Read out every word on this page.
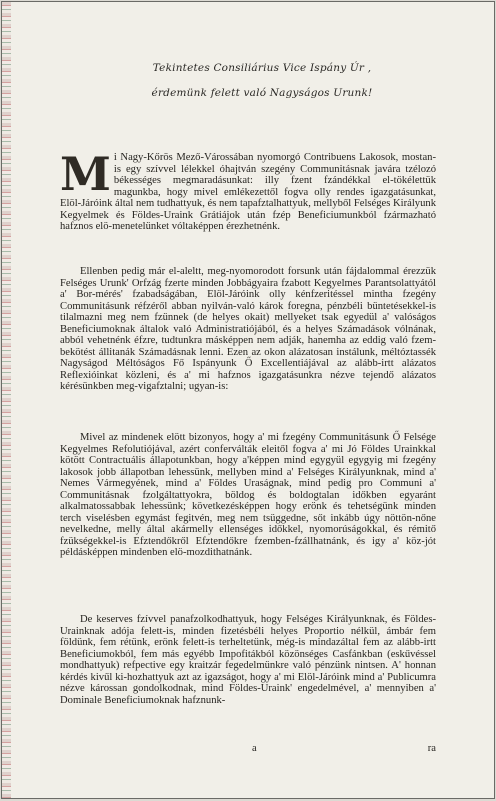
Tekintetes Consiliárius Vice Ispány Úr ,
érdemünk felett való Nagyságos Urunk!
M i Nagy-Kőrös Mező-Várossában nyomorgó Contribuens Lakosok, mostan-is egy szívvel lélekkel óhajtván szegény Communitásnak javára tzélozó békességes megmaradásunkat: illy fzent fzándékkal el-tökélettük magunkba, hogy mivel emlékezettől fogva olly rendes igazgatásunkat, Elöl-Járóink által nem tudhattyuk, és nem tapafztalhattyuk, mellyből Felséges Királyunk Kegyelmek és Földes-Uraink Grátiájok után fzép Beneficiumunkból fzármazható hafznos elö-menetelünket vóltaképpen érezhetnénk.

Ellenben pedig már el-aleltt, meg-nyomorodott forsunk után fájdalommal érezzük Felséges Urunk' Orfzág fzerte minden Jobbágyaira fzabott Kegyelmes Parantsolattyától a' Bor-mérés' fzabadságában, Elöl-Járóink olly kénfzeritéssel mintha fzegény Communitásunk réfzéről abban nyilván-való károk foregna, pénzbéli büntetésekkel-is tilalmazni meg nem fzünnek (de helyes okait) mellyeket tsak egyedül a' valóságos Beneficiumoknak általok való Administratiójából, és a helyes Számadások vólnának, abból vehetnénk éfzre, tudtunkra másképpen nem adják, hanemha az eddig való fzem-bekötést állitanák Számadásnak lenni. Ezen az okon alázatosan instálunk, méltóztassék Nagyságod Méltóságos Fő Ispányunk Ő Excellentiájával az alább-irtt alázatos Reflexióinkat közleni, és a' mi hafznos igazgatásunkra nézve tejendő alázatos kérésünkben meg-vigafztalni; ugyan-is:

Mivel az mindenek elött bizonyos, hogy a' mi fzegény Communitásunk Ő Felsége Kegyelmes Refolutiójával, azért conferválták eleitől fogva a' mi Jó Földes Urainkkal kötött Contractuális állapotunkban, hogy a'képpen mind egygyül egygyig mi fzegény lakosok jobb állapotban lehessünk, mellyben mind a' Felséges Királyunknak, mind a' Nemes Vármegyének, mind a' Földes Uraságnak, mind pedig pro Communi a' Communitásnak fzolgáltattyokra, böldog és boldogtalan időkben egyaránt alkalmatossabbak lehessünk; következésképpen hogy erönk és tehetségünk minden terch viselésben egymást fegitvén, meg nem tsüggedne, sőt inkább úgy nöttön-nőne nevelkedne, melly által akármelly ellenséges időkkel, nyomorúságokkal, és rémitő fzükségekkel-is Efztendőkről Efztendőkre fzemben-fzállhatnánk, és igy a' köz-jót példásképpen mindenben elö-mozdithatnánk.

De keserves fzívvel panafzolkodhattyuk, hogy Felséges Királyunknak, és Földes-Urainknak adója felett-is, minden fizetésbéli helyes Proportio nélkül, ámbár fem földünk, fem rétünk, erönk felett-is terheltetünk, még-is mindazáltal fem az alább-irtt Beneficiumokból, fem más egyébb Impofitákból közönséges Casfánkban (eskűvéssel mondhattyuk) refpective egy kraitzár fegedelmünkre való pénzünk nintsen. A' honnan kérdés kivűl ki-hozhattyuk azt az igazságot, hogy a' mi Elöl-Járóink mind a' Publicumra nézve károssan gondolkodnak, mind Földes-Uraink' engedelmével, a' mennyiben a' Dominale Beneficiumoknak hafznunk-

a	ra
